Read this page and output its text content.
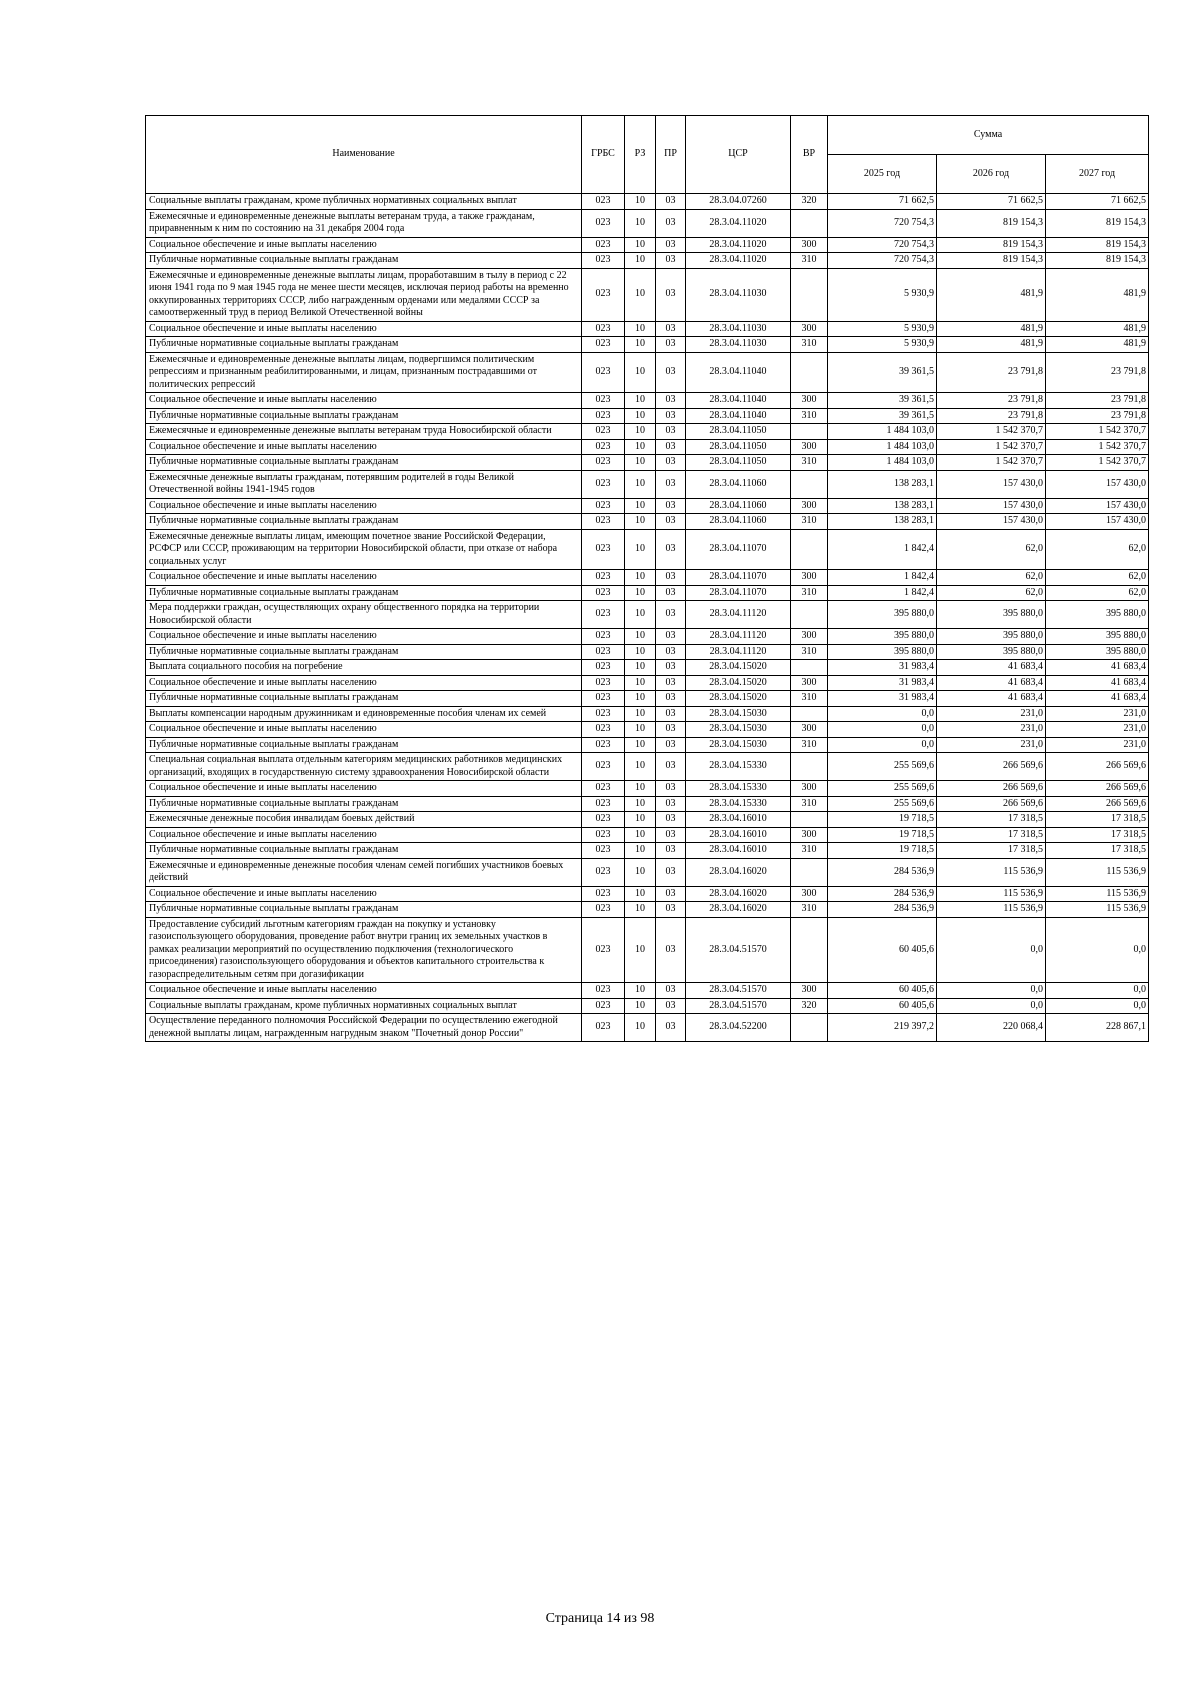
Наименование	ГРБС	РЗ	ПР	ЦСР	ВР	Сумма		
						2025 год	2026 год	2027 год
Социальные выплаты гражданам, кроме публичных нормативных социальных выплат	023	10	03	28.3.04.07260	320	71 662,5	71 662,5	71 662,5
Ежемесячные и единовременные денежные выплаты ветеранам труда, а также гражданам, приравненным к ним по состоянию на 31 декабря 2004 года	023	10	03	28.3.04.11020		720 754,3	819 154,3	819 154,3
Социальное обеспечение и иные выплаты населению	023	10	03	28.3.04.11020	300	720 754,3	819 154,3	819 154,3
Публичные нормативные социальные выплаты гражданам	023	10	03	28.3.04.11020	310	720 754,3	819 154,3	819 154,3
Ежемесячные и единовременные денежные выплаты лицам, проработавшим в тылу в период с 22 июня 1941 года по 9 мая 1945 года не менее шести месяцев, исключая период работы на временно оккупированных территориях СССР, либо награжденным орденами или медалями СССР за самоотверженный труд в период Великой Отечественной войны	023	10	03	28.3.04.11030		5 930,9	481,9	481,9
Социальное обеспечение и иные выплаты населению	023	10	03	28.3.04.11030	300	5 930,9	481,9	481,9
Публичные нормативные социальные выплаты гражданам	023	10	03	28.3.04.11030	310	5 930,9	481,9	481,9
Ежемесячные и единовременные денежные выплаты лицам, подвергшимся политическим репрессиям и признанным реабилитированными, и лицам, признанным пострадавшими от политических репрессий	023	10	03	28.3.04.11040		39 361,5	23 791,8	23 791,8
Социальное обеспечение и иные выплаты населению	023	10	03	28.3.04.11040	300	39 361,5	23 791,8	23 791,8
Публичные нормативные социальные выплаты гражданам	023	10	03	28.3.04.11040	310	39 361,5	23 791,8	23 791,8
Ежемесячные и единовременные денежные выплаты ветеранам труда Новосибирской области	023	10	03	28.3.04.11050		1 484 103,0	1 542 370,7	1 542 370,7
Социальное обеспечение и иные выплаты населению	023	10	03	28.3.04.11050	300	1 484 103,0	1 542 370,7	1 542 370,7
Публичные нормативные социальные выплаты гражданам	023	10	03	28.3.04.11050	310	1 484 103,0	1 542 370,7	1 542 370,7
Ежемесячные денежные выплаты гражданам, потерявшим родителей в годы Великой Отечественной войны 1941-1945 годов	023	10	03	28.3.04.11060		138 283,1	157 430,0	157 430,0
Социальное обеспечение и иные выплаты населению	023	10	03	28.3.04.11060	300	138 283,1	157 430,0	157 430,0
Публичные нормативные социальные выплаты гражданам	023	10	03	28.3.04.11060	310	138 283,1	157 430,0	157 430,0
Ежемесячные денежные выплаты лицам, имеющим почетное звание Российской Федерации, РСФСР или СССР, проживающим на территории Новосибирской области, при отказе от набора социальных услуг	023	10	03	28.3.04.11070		1 842,4	62,0	62,0
Социальное обеспечение и иные выплаты населению	023	10	03	28.3.04.11070	300	1 842,4	62,0	62,0
Публичные нормативные социальные выплаты гражданам	023	10	03	28.3.04.11070	310	1 842,4	62,0	62,0
Мера поддержки граждан, осуществляющих охрану общественного порядка на территории Новосибирской области	023	10	03	28.3.04.11120		395 880,0	395 880,0	395 880,0
Социальное обеспечение и иные выплаты населению	023	10	03	28.3.04.11120	300	395 880,0	395 880,0	395 880,0
Публичные нормативные социальные выплаты гражданам	023	10	03	28.3.04.11120	310	395 880,0	395 880,0	395 880,0
Выплата социального пособия на погребение	023	10	03	28.3.04.15020		31 983,4	41 683,4	41 683,4
Социальное обеспечение и иные выплаты населению	023	10	03	28.3.04.15020	300	31 983,4	41 683,4	41 683,4
Публичные нормативные социальные выплаты гражданам	023	10	03	28.3.04.15020	310	31 983,4	41 683,4	41 683,4
Выплаты компенсации народным дружинникам и единовременные пособия членам их семей	023	10	03	28.3.04.15030		0,0	231,0	231,0
Социальное обеспечение и иные выплаты населению	023	10	03	28.3.04.15030	300	0,0	231,0	231,0
Публичные нормативные социальные выплаты гражданам	023	10	03	28.3.04.15030	310	0,0	231,0	231,0
Специальная социальная выплата отдельным категориям медицинских работников медицинских организаций, входящих в государственную систему здравоохранения Новосибирской области	023	10	03	28.3.04.15330		255 569,6	266 569,6	266 569,6
Социальное обеспечение и иные выплаты населению	023	10	03	28.3.04.15330	300	255 569,6	266 569,6	266 569,6
Публичные нормативные социальные выплаты гражданам	023	10	03	28.3.04.15330	310	255 569,6	266 569,6	266 569,6
Ежемесячные денежные пособия инвалидам боевых действий	023	10	03	28.3.04.16010		19 718,5	17 318,5	17 318,5
Социальное обеспечение и иные выплаты населению	023	10	03	28.3.04.16010	300	19 718,5	17 318,5	17 318,5
Публичные нормативные социальные выплаты гражданам	023	10	03	28.3.04.16010	310	19 718,5	17 318,5	17 318,5
Ежемесячные и единовременные денежные пособия членам семей погибших участников боевых действий	023	10	03	28.3.04.16020		284 536,9	115 536,9	115 536,9
Социальное обеспечение и иные выплаты населению	023	10	03	28.3.04.16020	300	284 536,9	115 536,9	115 536,9
Публичные нормативные социальные выплаты гражданам	023	10	03	28.3.04.16020	310	284 536,9	115 536,9	115 536,9
Предоставление субсидий льготным категориям граждан на покупку и установку газоиспользующего оборудования, проведение работ внутри границ их земельных участков в рамках реализации мероприятий по осуществлению подключения (технологического присоединения) газоиспользующего оборудования и объектов капитального строительства к газораспределительным сетям при догазификации	023	10	03	28.3.04.51570		60 405,6	0,0	0,0
Социальное обеспечение и иные выплаты населению	023	10	03	28.3.04.51570	300	60 405,6	0,0	0,0
Социальные выплаты гражданам, кроме публичных нормативных социальных выплат	023	10	03	28.3.04.51570	320	60 405,6	0,0	0,0
Осуществление переданного полномочия Российской Федерации по осуществлению ежегодной денежной выплаты лицам, награжденным нагрудным знаком "Почетный донор России"	023	10	03	28.3.04.52200		219 397,2	220 068,4	228 867,1
Страница 14 из 98
